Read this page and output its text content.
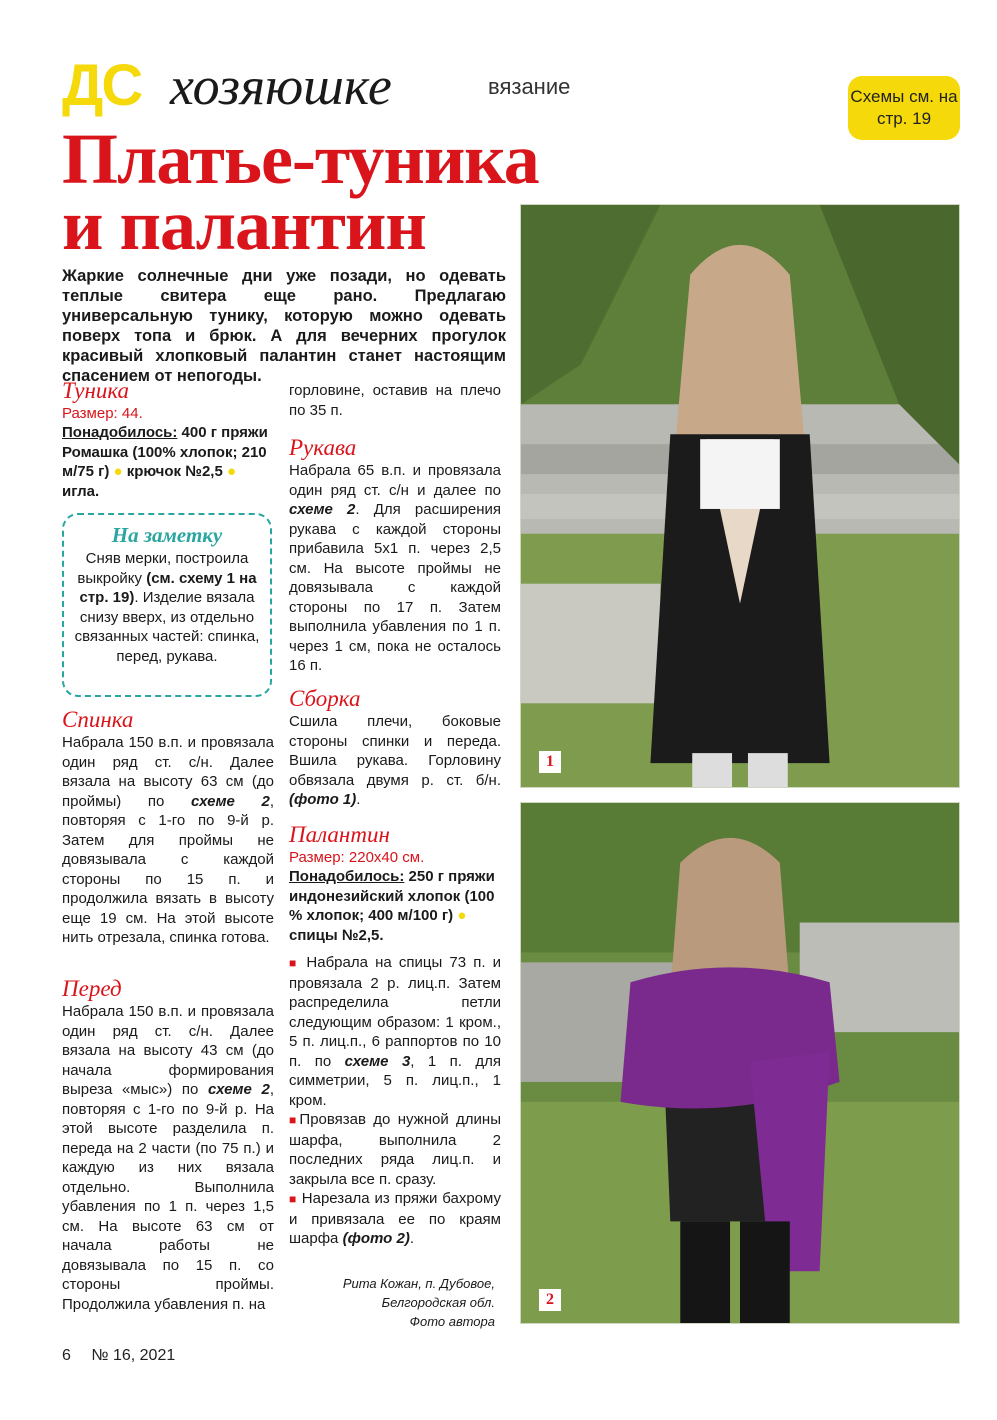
ДС хозяюшке	вязание	Схемы см. на стр. 19
Платье-туника
и палантин
Жаркие солнечные дни уже позади, но одевать теплые свитера еще рано. Предлагаю универсальную тунику, которую можно одевать поверх топа и брюк. А для вечерних прогулок красивый хлопковый палантин станет настоящим спасением от непогоды.
1
2
Туника
Размер: 44.
Понадобилось: 400 г пряжи Ромашка (100% хлопок; 210 м/75 г) ● крючок №2,5 ● игла.
На заметку
Сняв мерки, построила выкройку (см. схему 1 на стр. 19). Изделие вязала снизу вверх, из отдельно связанных частей: спинка, перед, рукава.
Спинка
Набрала 150 в.п. и провязала один ряд ст. с/н. Далее вязала на высоту 63 см (до проймы) по схеме 2, повторяя с 1-го по 9-й р. Затем для проймы не довязывала с каждой стороны по 15 п. и продолжила вязать в высоту еще 19 см. На этой высоте нить отрезала, спинка готова.
Перед
Набрала 150 в.п. и провязала один ряд ст. с/н. Далее вязала на высоту 43 см (до начала формирования выреза «мыс») по схеме 2, повторяя с 1-го по 9-й р. На этой высоте разделила п. переда на 2 части (по 75 п.) и каждую из них вязала отдельно. Выполнила убавления по 1 п. через 1,5 см. На высоте 63 см от начала работы не довязывала по 15 п. со стороны проймы. Продолжила убавления п. на
горловине, оставив на плечо по 35 п.
Рукава
Набрала 65 в.п. и провязала один ряд ст. с/н и далее по схеме 2. Для расширения рукава с каждой стороны прибавила 5х1 п. через 2,5 см. На высоте проймы не довязывала с каждой стороны по 17 п. Затем выполнила убавления по 1 п. через 1 см, пока не осталось 16 п.
Сборка
Сшила плечи, боковые стороны спинки и переда. Вшила рукава. Горловину обвязала двумя р. ст. б/н. (фото 1).
Палантин
Размер: 220х40 см.
Понадобилось: 250 г пряжи индонезийский хлопок (100 % хлопок; 400 м/100 г) ● спицы №2,5.
■ Набрала на спицы 73 п. и провязала 2 р. лиц.п. Затем распределила петли следующим образом: 1 кром., 5 п. лиц.п., 6 раппортов по 10 п. по схеме 3, 1 п. для симметрии, 5 п. лиц.п., 1 кром.
■Провязав до нужной длины шарфа, выполнила 2 последних ряда лиц.п. и закрыла все п. сразу.
■ Нарезала из пряжи бахрому и привязала ее по краям шарфа (фото 2).
Рита Кожан, п. Дубовое,
Белгородская обл.
Фото автора
6 № 16, 2021
